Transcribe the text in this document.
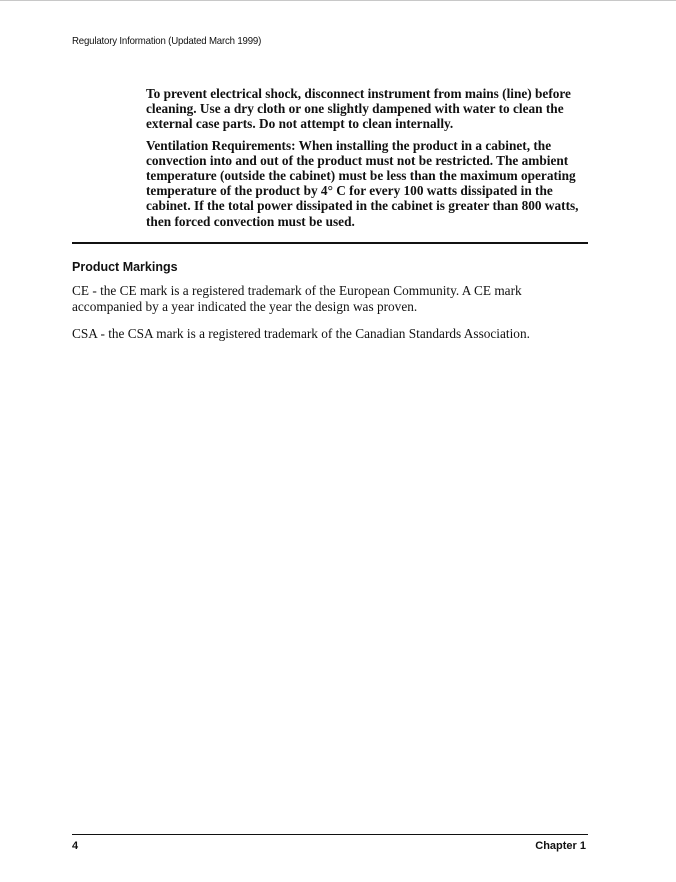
Regulatory Information (Updated March 1999)

To prevent electrical shock, disconnect instrument from mains (line) before cleaning. Use a dry cloth or one slightly dampened with water to clean the external case parts. Do not attempt to clean internally.

Ventilation Requirements: When installing the product in a cabinet, the convection into and out of the product must not be restricted. The ambient temperature (outside the cabinet) must be less than the maximum operating temperature of the product by 4° C for every 100 watts dissipated in the cabinet. If the total power dissipated in the cabinet is greater than 800 watts, then forced convection must be used.

Product Markings

CE - the CE mark is a registered trademark of the European Community. A CE mark accompanied by a year indicated the year the design was proven.

CSA - the CSA mark is a registered trademark of the Canadian Standards Association.

4	Chapter 1
